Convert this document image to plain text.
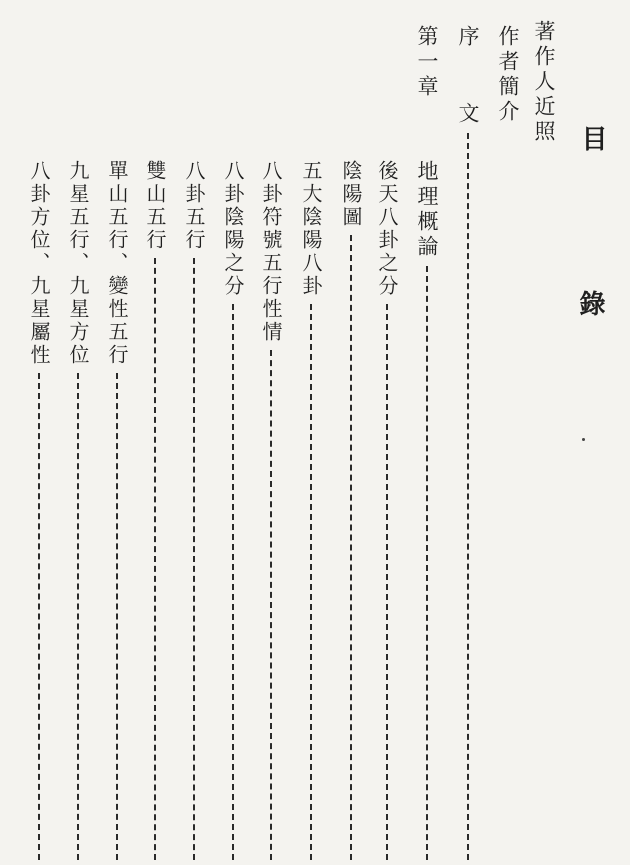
目
錄
著作人近照
作者簡介
序
文
第一章
地理概論
後天八卦之分
陰陽圖
五大陰陽八卦
八卦符號五行性情
八卦陰陽之分
八卦五行
雙山五行
單山五行、變性五行
九星五行、九星方位
八卦方位、九星屬性
